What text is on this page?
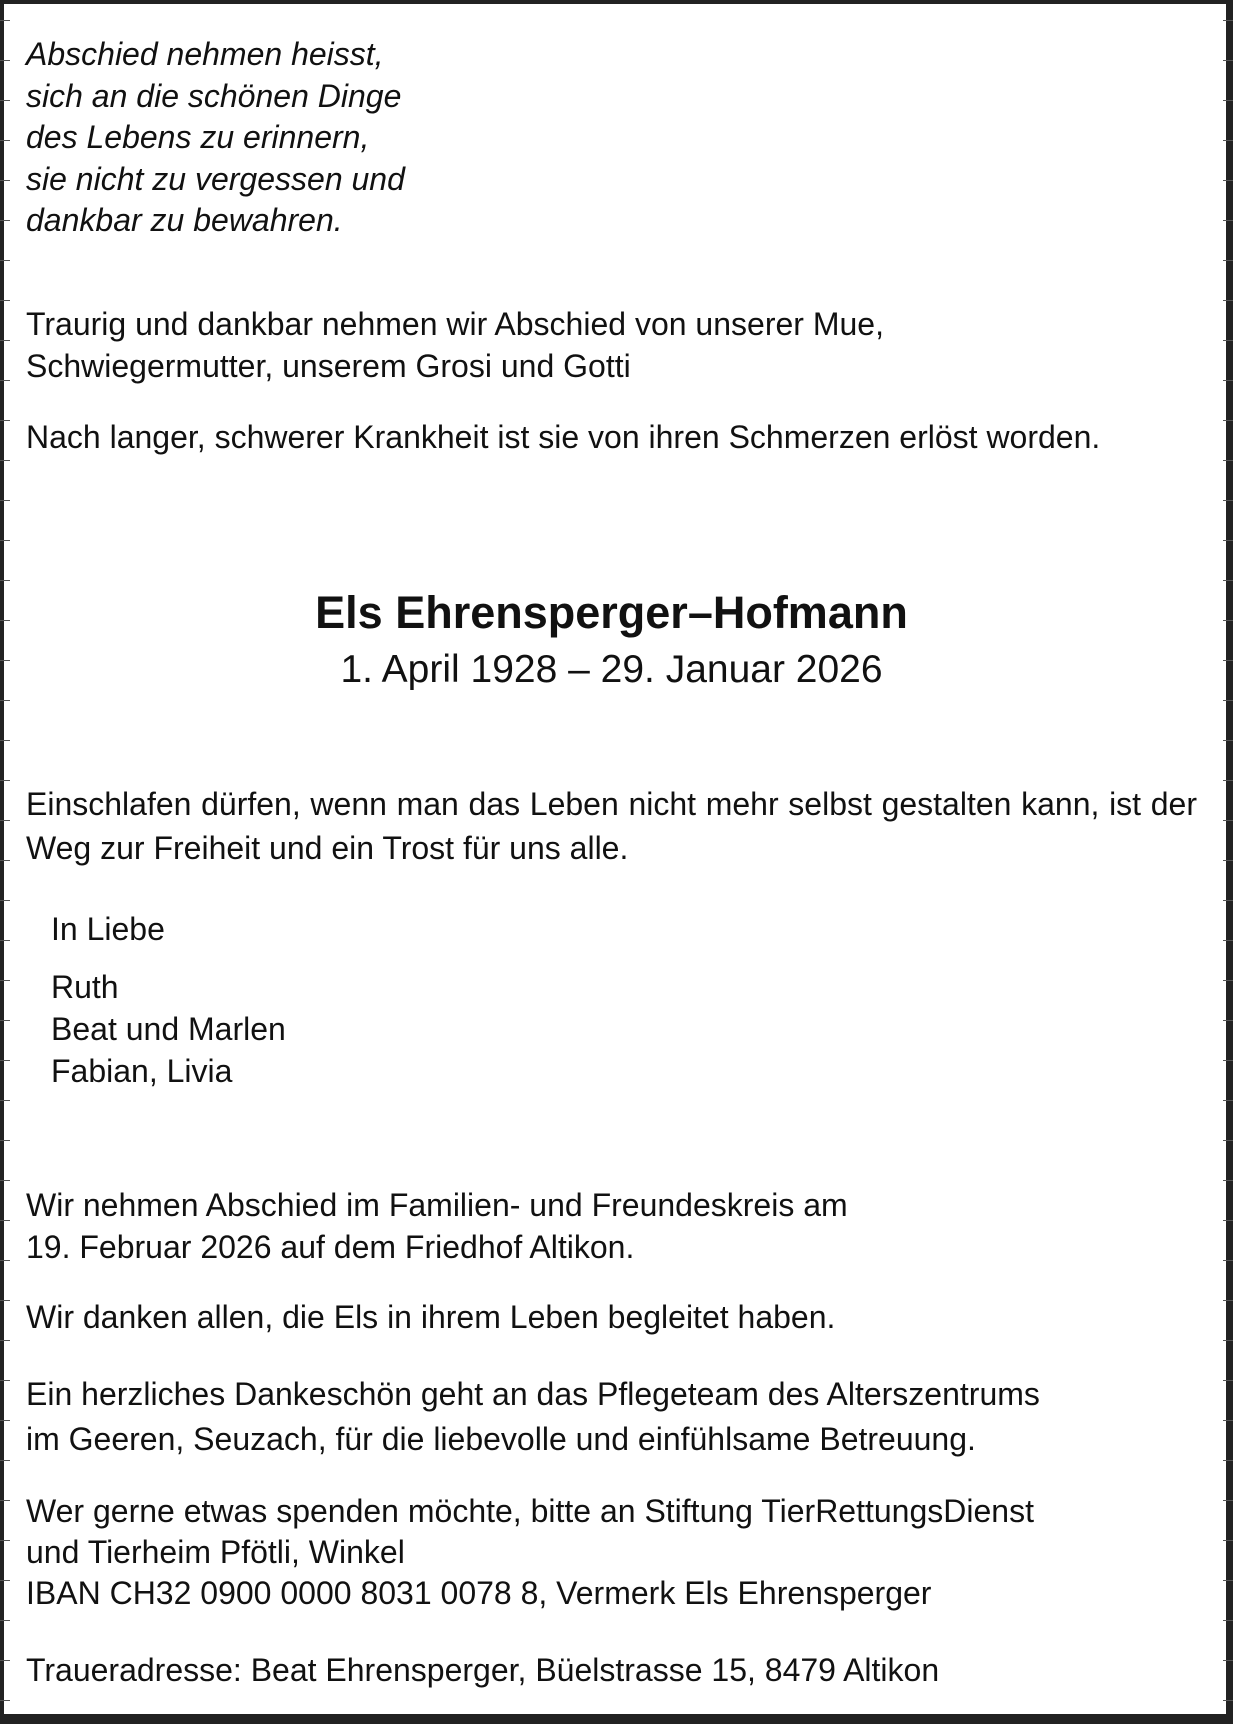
Abschied nehmen heisst,
sich an die schönen Dinge
des Lebens zu erinnern,
sie nicht zu vergessen und
dankbar zu bewahren.

Traurig und dankbar nehmen wir Abschied von unserer Mue, Schwiegermutter, unserem Grosi und Gotti

Nach langer, schwerer Krankheit ist sie von ihren Schmerzen erlöst worden.

Els Ehrensperger–Hofmann
1. April 1928 – 29. Januar 2026

Einschlafen dürfen, wenn man das Leben nicht mehr selbst gestalten kann, ist der Weg zur Freiheit und ein Trost für uns alle.

In Liebe

Ruth
Beat und Marlen
Fabian, Livia
Wir nehmen Abschied im Familien- und Freundeskreis am
19. Februar 2026 auf dem Friedhof Altikon.

Wir danken allen, die Els in ihrem Leben begleitet haben.

Ein herzliches Dankeschön geht an das Pflegeteam des Alterszentrums
im Geeren, Seuzach, für die liebevolle und einfühlsame Betreuung.
Wer gerne etwas spenden möchte, bitte an Stiftung TierRettungsDienst
und Tierheim Pfötli, Winkel
IBAN CH32 0900 0000 8031 0078 8, Vermerk Els Ehrensperger

Traueradresse: Beat Ehrensperger, Büelstrasse 15, 8479 Altikon
